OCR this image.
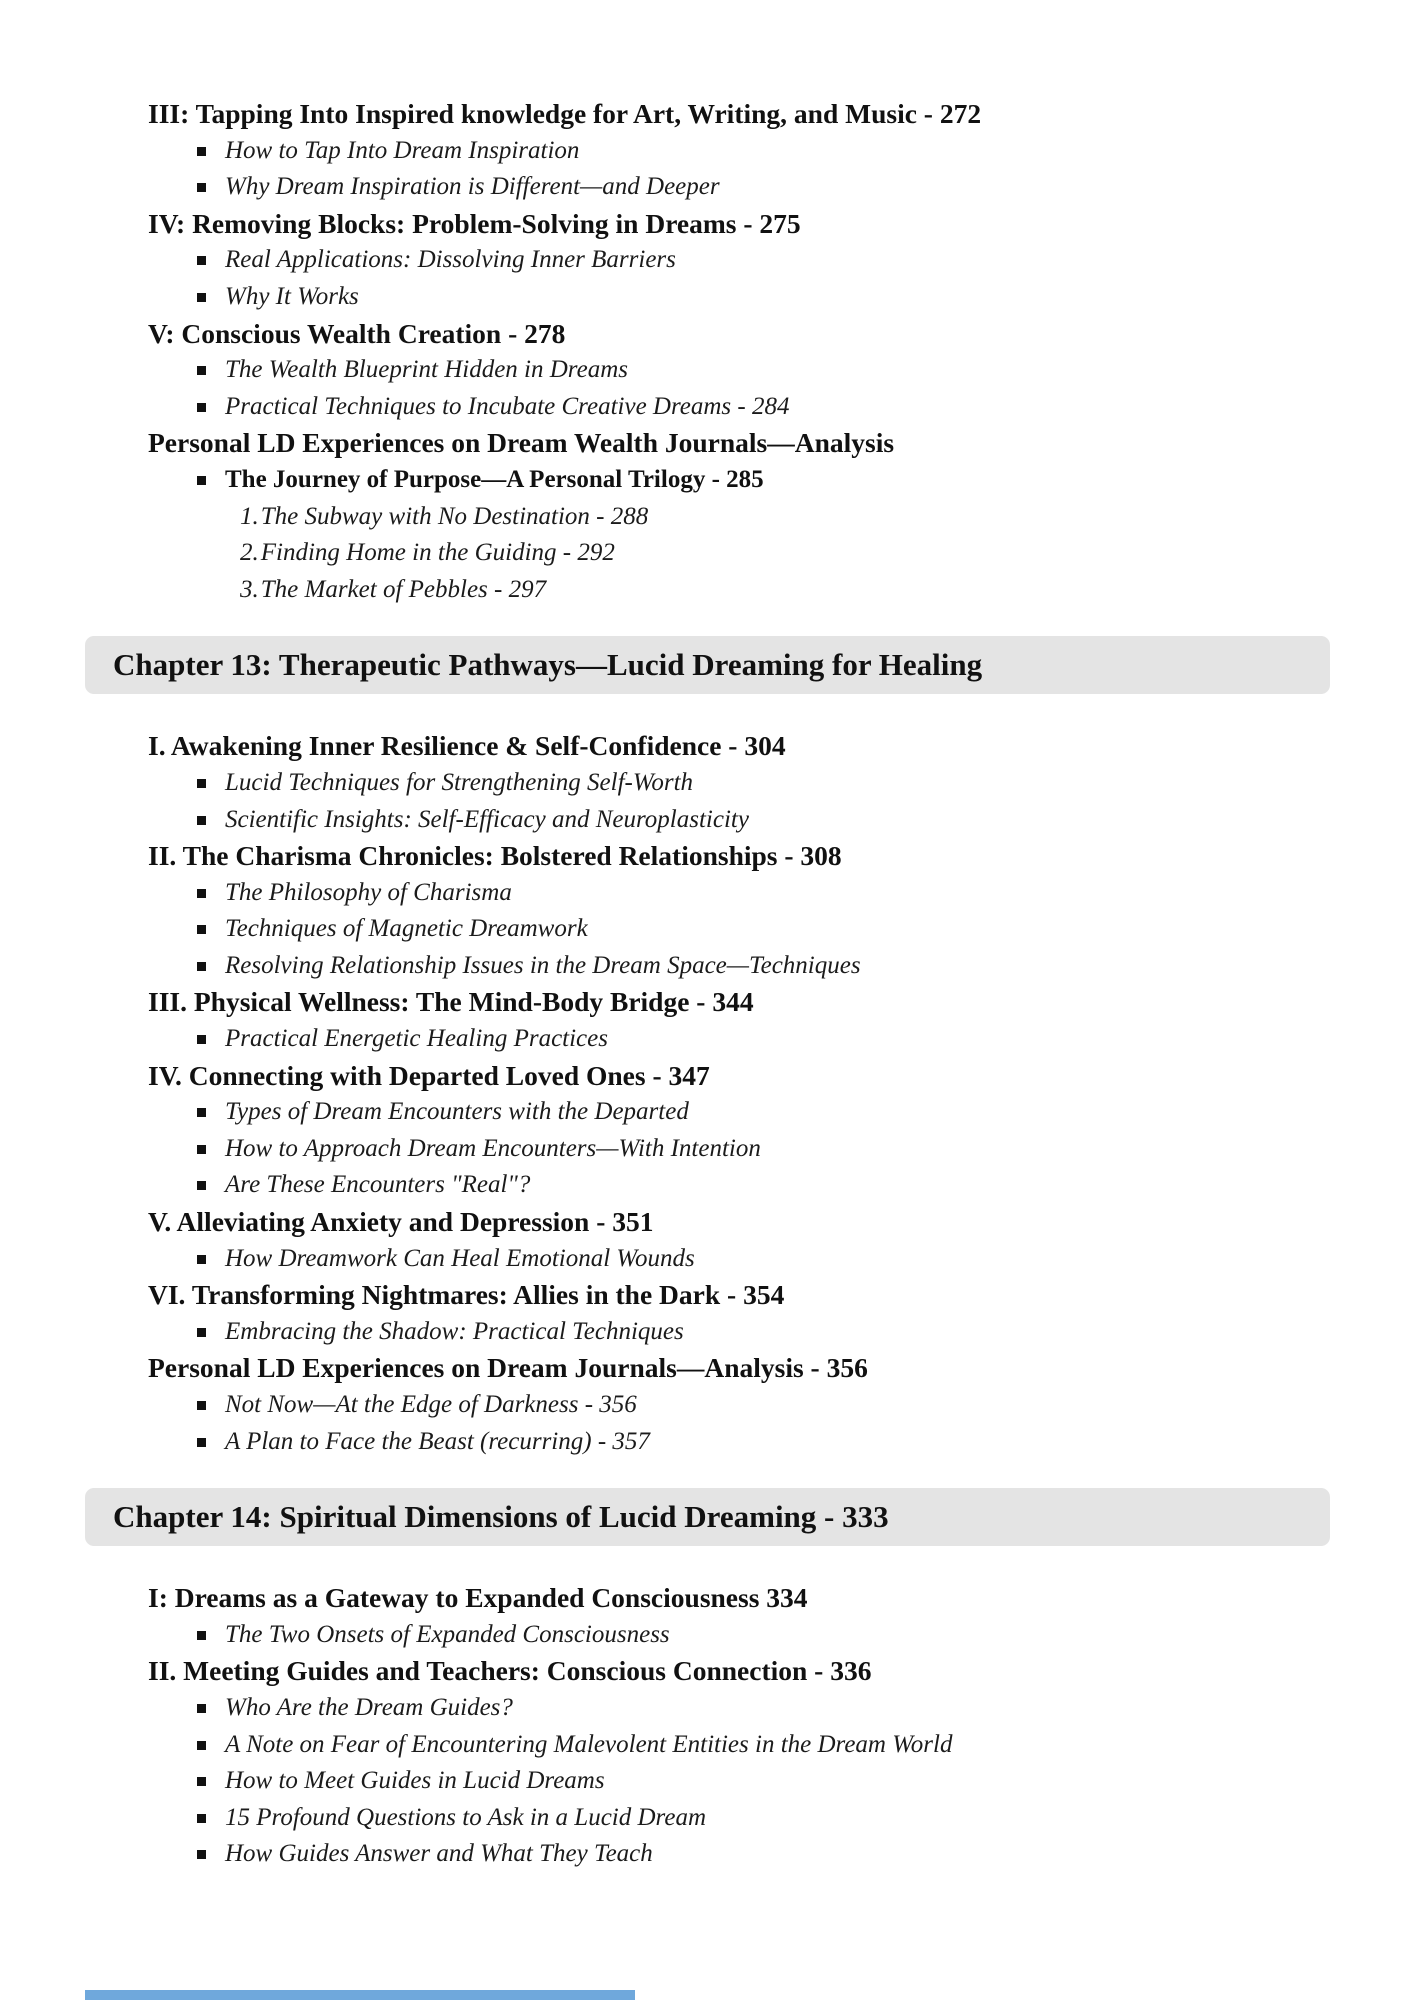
III: Tapping Into Inspired knowledge for Art, Writing, and Music - 272
How to Tap Into Dream Inspiration
Why Dream Inspiration is Different—and Deeper
IV: Removing Blocks: Problem-Solving in Dreams - 275
Real Applications: Dissolving Inner Barriers
Why It Works
V: Conscious Wealth Creation - 278
The Wealth Blueprint Hidden in Dreams
Practical Techniques to Incubate Creative Dreams - 284
Personal LD Experiences on Dream Wealth Journals—Analysis
The Journey of Purpose—A Personal Trilogy - 285
1. The Subway with No Destination - 288
2. Finding Home in the Guiding - 292
3. The Market of Pebbles - 297
Chapter 13: Therapeutic Pathways—Lucid Dreaming for Healing
I. Awakening Inner Resilience & Self-Confidence - 304
Lucid Techniques for Strengthening Self-Worth
Scientific Insights: Self-Efficacy and Neuroplasticity
II. The Charisma Chronicles: Bolstered Relationships - 308
The Philosophy of Charisma
Techniques of Magnetic Dreamwork
Resolving Relationship Issues in the Dream Space—Techniques
III. Physical Wellness: The Mind-Body Bridge - 344
Practical Energetic Healing Practices
IV. Connecting with Departed Loved Ones - 347
Types of Dream Encounters with the Departed
How to Approach Dream Encounters—With Intention
Are These Encounters "Real"?
V. Alleviating Anxiety and Depression - 351
How Dreamwork Can Heal Emotional Wounds
VI. Transforming Nightmares: Allies in the Dark - 354
Embracing the Shadow: Practical Techniques
Personal LD Experiences on Dream Journals—Analysis - 356
Not Now—At the Edge of Darkness - 356
A Plan to Face the Beast (recurring) - 357
Chapter 14: Spiritual Dimensions of Lucid Dreaming - 333
I: Dreams as a Gateway to Expanded Consciousness 334
The Two Onsets of Expanded Consciousness
II. Meeting Guides and Teachers: Conscious Connection - 336
Who Are the Dream Guides?
A Note on Fear of Encountering Malevolent Entities in the Dream World
How to Meet Guides in Lucid Dreams
15 Profound Questions to Ask in a Lucid Dream
How Guides Answer and What They Teach
